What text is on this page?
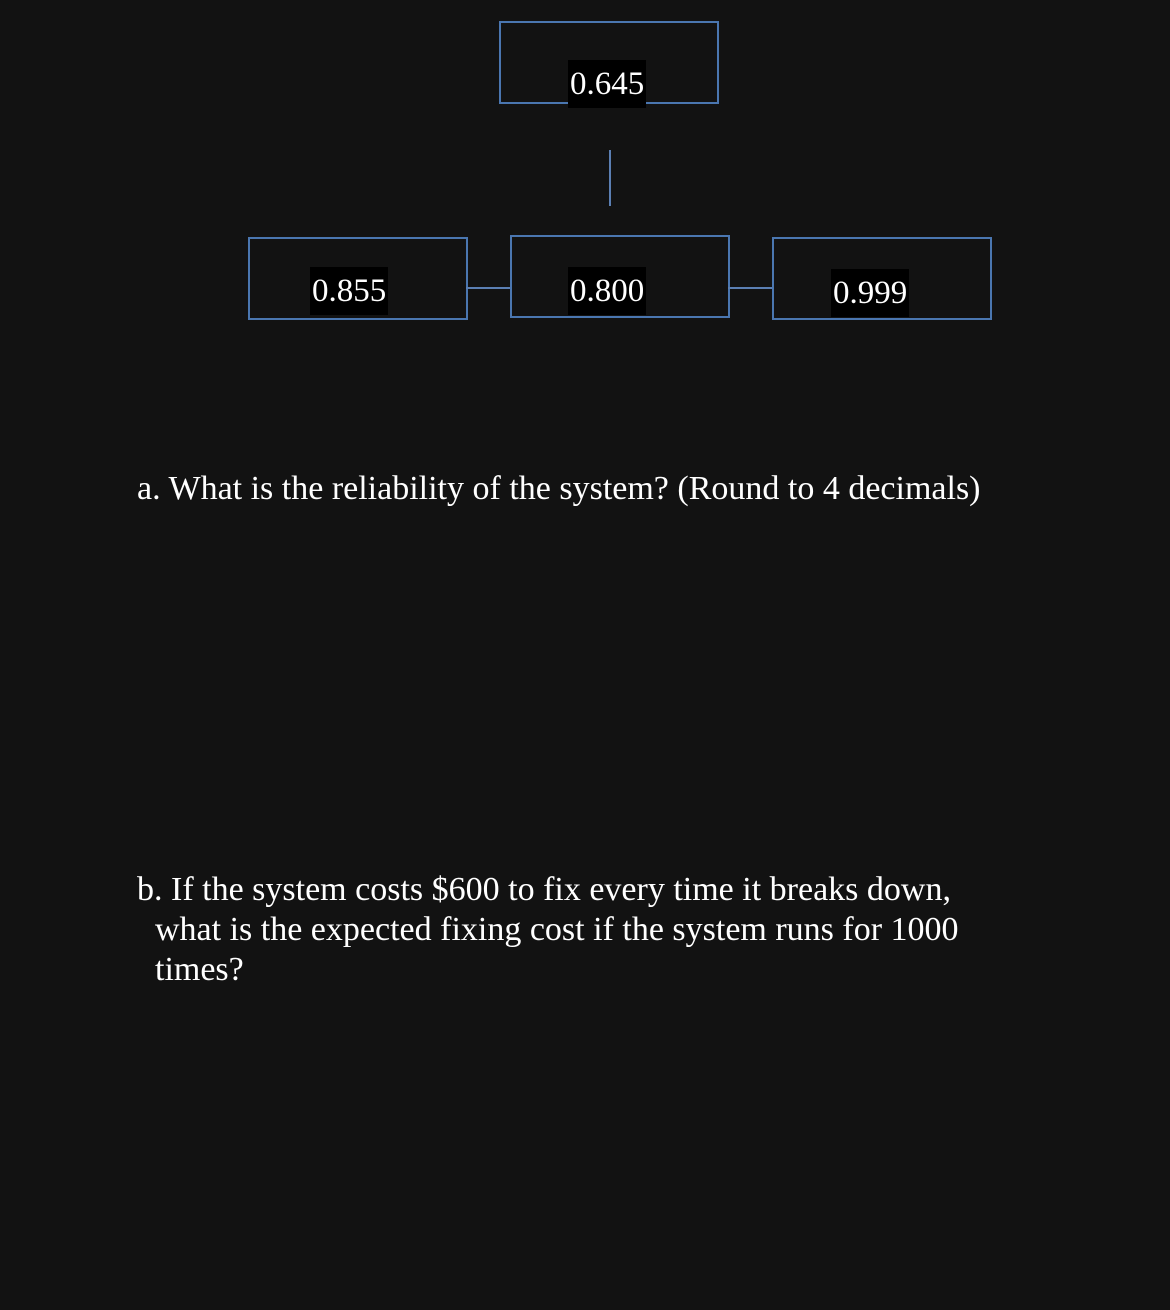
0.645
0.855	0.800	0.999

a. What is the reliability of the system? (Round to 4 decimals)

b. If the system costs $600 to fix every time it breaks down, what is the expected fixing cost if the system runs for 1000 times?
